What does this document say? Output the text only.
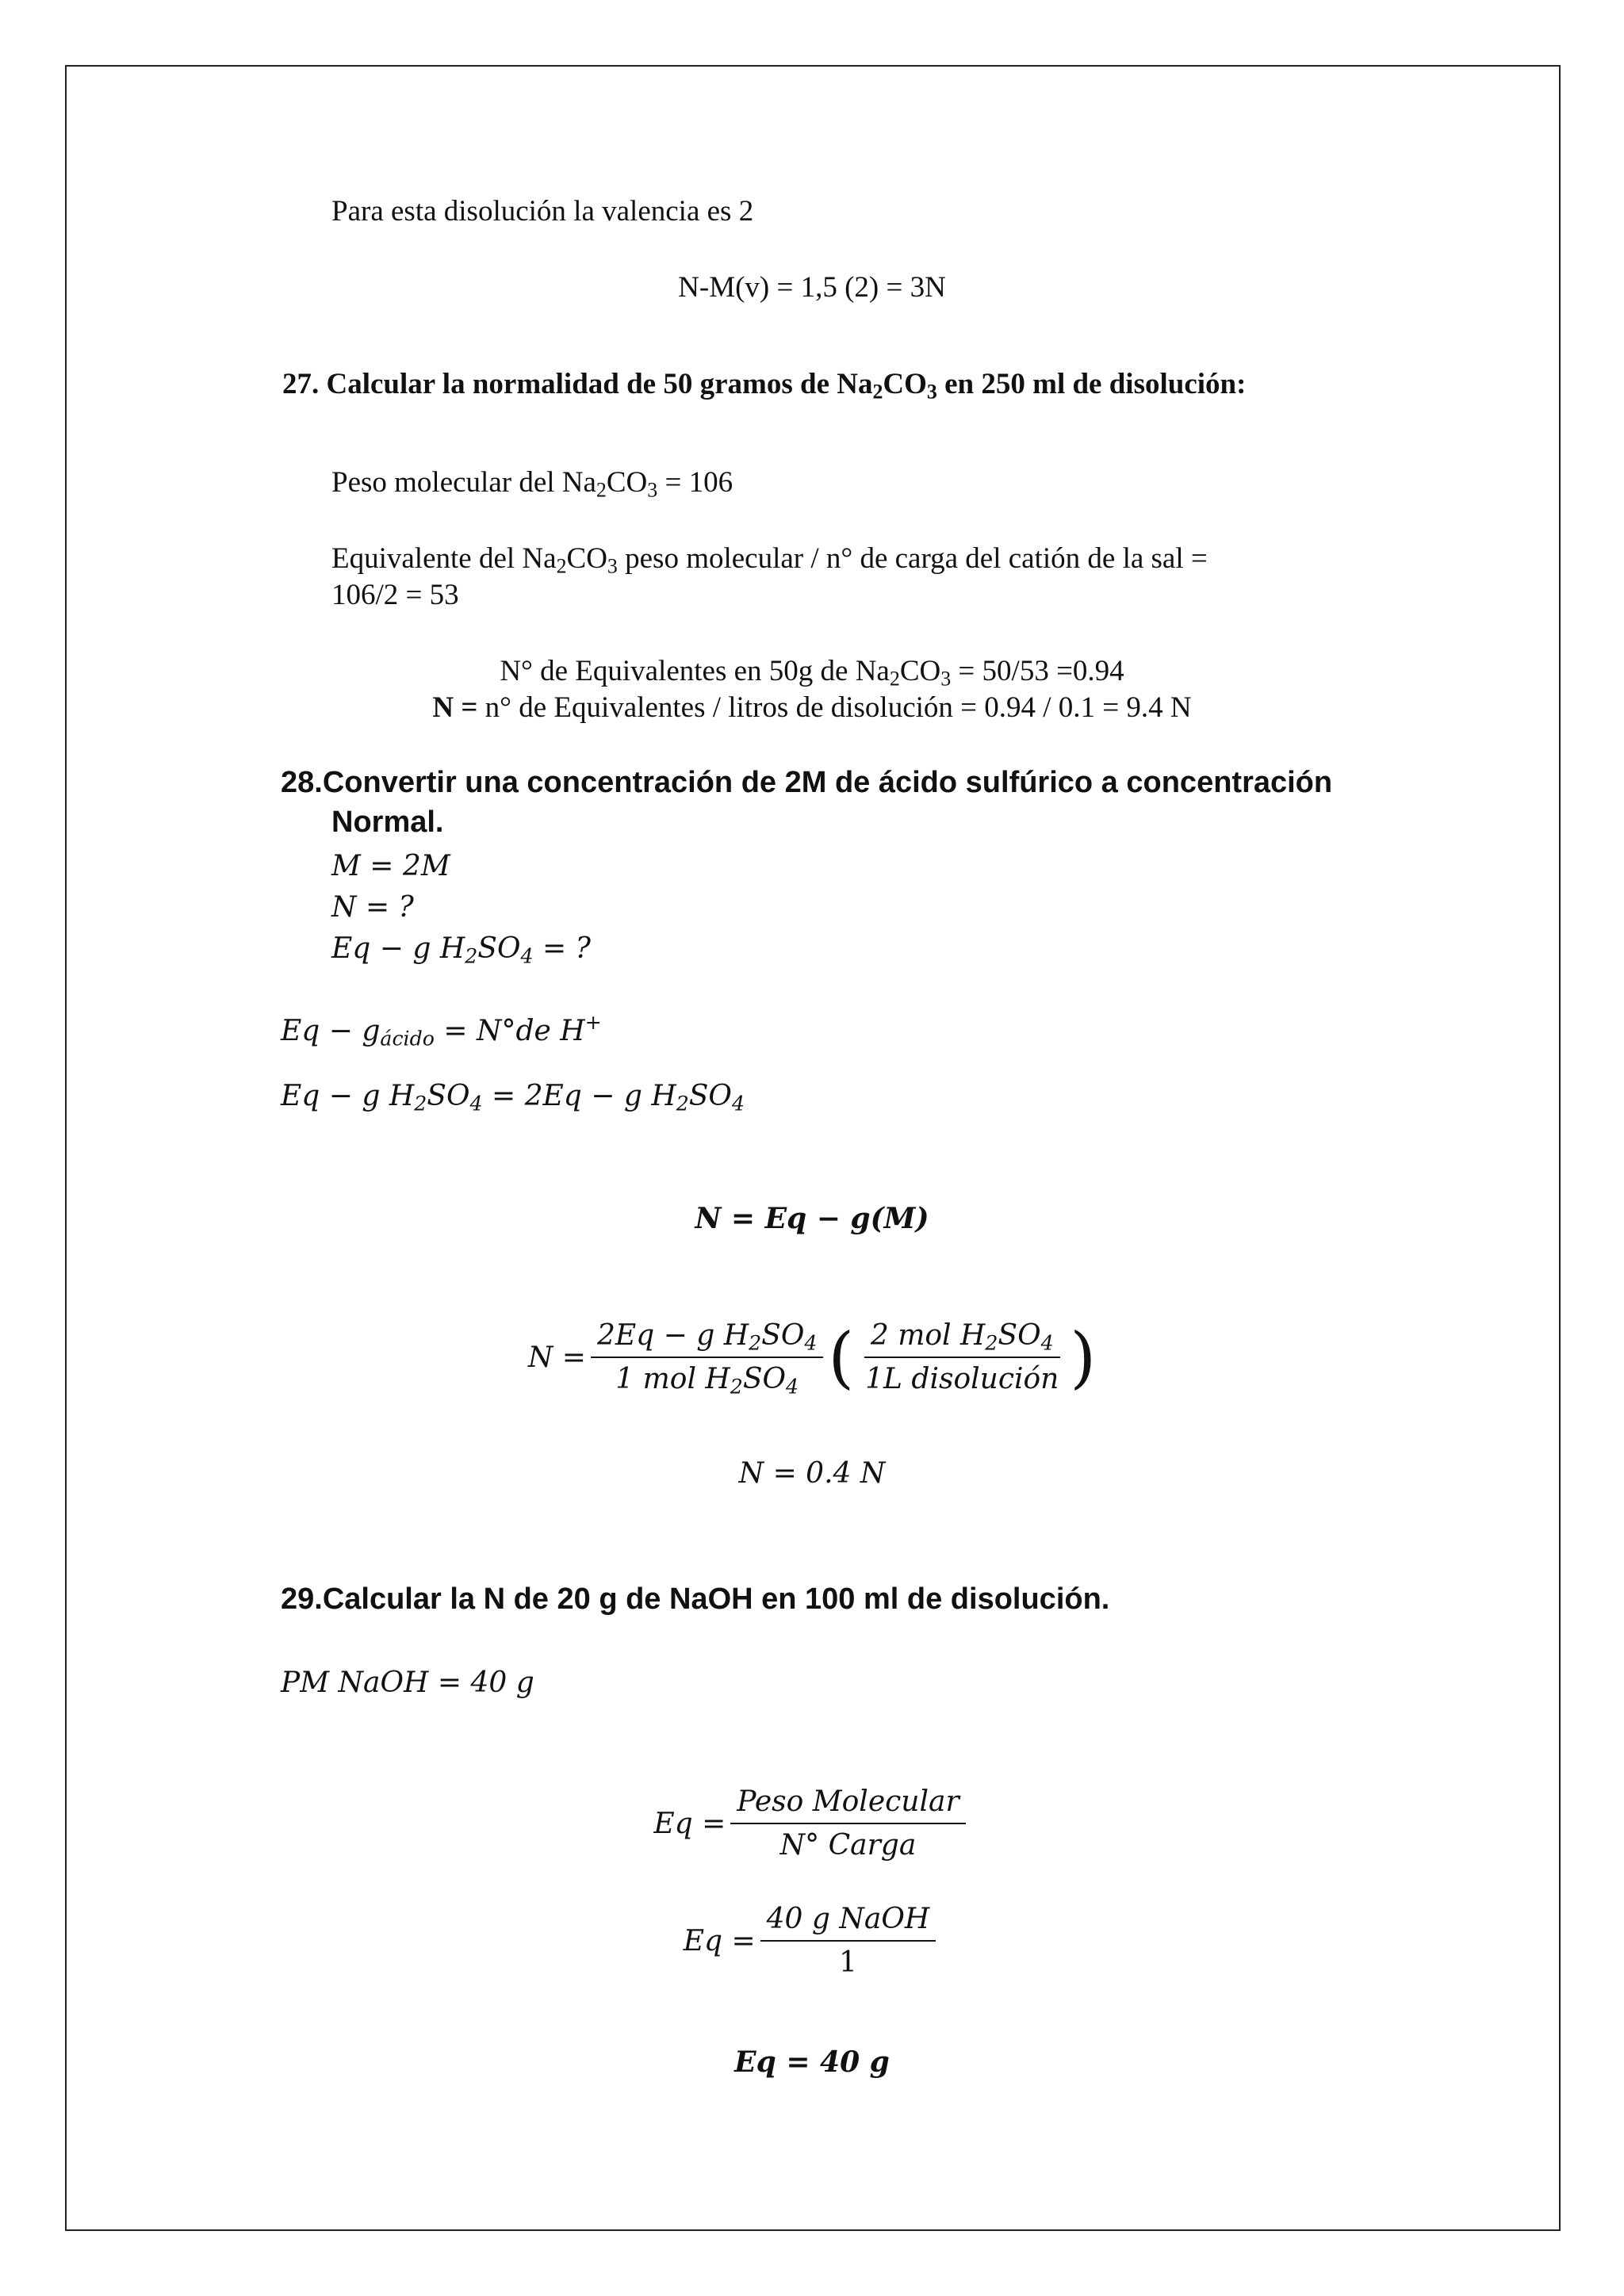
Para esta disolución la valencia es 2
N-M(v) = 1,5 (2) = 3N
27. Calcular la normalidad de 50 gramos de $Na_2CO_3$ en 250 ml de disolución:
Peso molecular del $Na_2CO_3 = 106$
Equivalente del $Na_2CO_3$ peso molecular / n° de carga del catión de la sal =
106/2 = 53
N° de Equivalentes en 50g de $Na_2CO_3 = 50/53 =0.94$
N = n° de Equivalentes / litros de disolución = 0.94 / 0.1 = 9.4 N
28.Convertir una concentración de 2M de ácido sulfúrico a concentración
Normal.
M = 2M
N = ?
Eq − g $H_2SO_4$ = ?
$Eq - g_{ácido} = N^\circ de$ H+
Eq − g $H_2SO_4 = 2Eq - g$ $H_2SO_4$
N = Eq − g(M)
$N = \frac{2Eq - g H_2SO_4}{1 mol H_2SO_4}$ ( $\frac{2 mol H_2SO_4}{\text{1L disolución}}$ )
N = 0.4 N
29.Calcular la N de 20 g de NaOH en 100 ml de disolución.
PM NaOH = 40 g
$Eq = \frac{\text{Peso Molecular}}{\text{N° Carga}}$
$Eq = \frac{\text{40 g NaOH}}{1}$
Eq = 40 g
